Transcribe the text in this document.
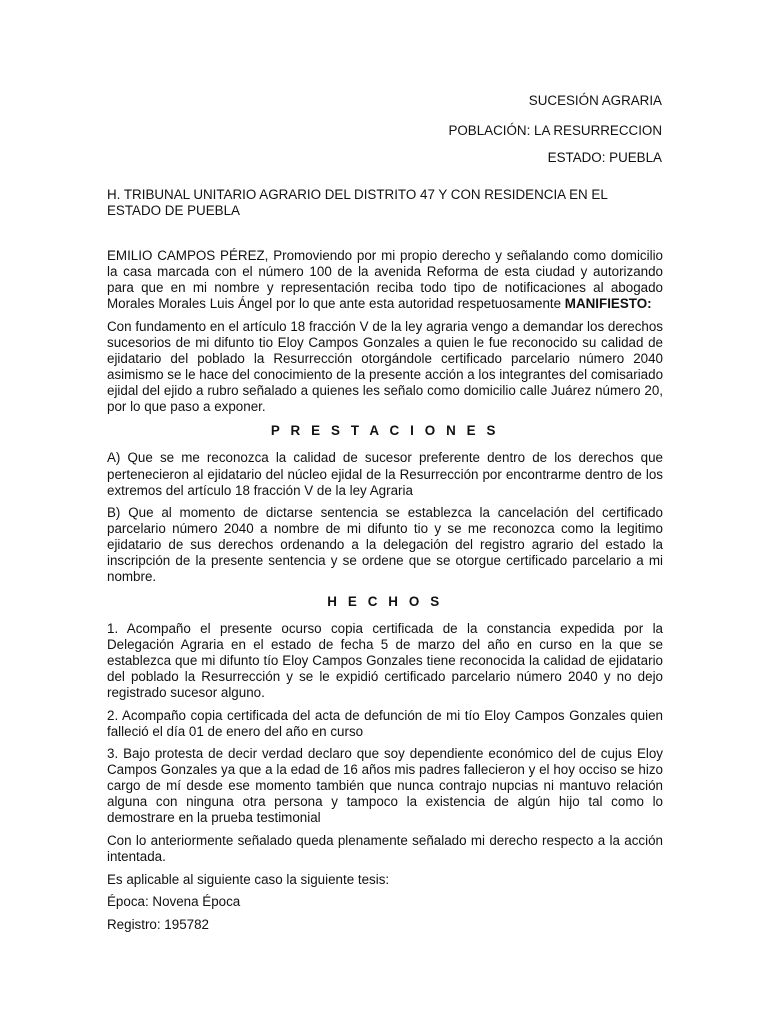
SUCESIÓN AGRARIA
POBLACIÓN: LA RESURRECCION
ESTADO: PUEBLA
H. TRIBUNAL UNITARIO AGRARIO DEL DISTRITO 47 Y CON RESIDENCIA EN EL ESTADO DE PUEBLA

EMILIO CAMPOS PÉREZ, Promoviendo por mi propio derecho y señalando como domicilio la casa marcada con el número 100 de la avenida Reforma de esta ciudad y autorizando para que en mi nombre y representación reciba todo tipo de notificaciones al abogado Morales Morales Luis Ángel por lo que ante esta autoridad respetuosamente MANIFIESTO:

Con fundamento en el artículo 18 fracción V de la ley agraria vengo a demandar los derechos sucesorios de mi difunto tio Eloy Campos Gonzales a quien le fue reconocido su calidad de ejidatario del poblado la Resurrección otorgándole certificado parcelario número 2040 asimismo se le hace del conocimiento de la presente acción a los integrantes del comisariado ejidal del ejido a rubro señalado a quienes les señalo como domicilio calle Juárez número 20, por lo que paso a exponer.

P R E S T A C I O N E S

A) Que se me reconozca la calidad de sucesor preferente dentro de los derechos que pertenecieron al ejidatario del núcleo ejidal de la Resurrección por encontrarme dentro de los extremos del artículo 18 fracción V de la ley Agraria

B) Que al momento de dictarse sentencia se establezca la cancelación del certificado parcelario número 2040 a nombre de mi difunto tio y se me reconozca como la legitimo ejidatario de sus derechos ordenando a la delegación del registro agrario del estado la inscripción de la presente sentencia y se ordene que se otorgue certificado parcelario a mi nombre.

H E C H O S

1. Acompaño el presente ocurso copia certificada de la constancia expedida por la Delegación Agraria en el estado de fecha 5 de marzo del año en curso en la que se establezca que mi difunto tío Eloy Campos Gonzales tiene reconocida la calidad de ejidatario del poblado la Resurrección y se le expidió certificado parcelario número 2040 y no dejo registrado sucesor alguno.

2. Acompaño copia certificada del acta de defunción de mi tío Eloy Campos Gonzales quien falleció el día 01 de enero del año en curso

3. Bajo protesta de decir verdad declaro que soy dependiente económico del de cujus Eloy Campos Gonzales ya que a la edad de 16 años mis padres fallecieron y el hoy occiso se hizo cargo de mí desde ese momento también que nunca contrajo nupcias ni mantuvo relación alguna con ninguna otra persona y tampoco la existencia de algún hijo tal como lo demostrare en la prueba testimonial

Con lo anteriormente señalado queda plenamente señalado mi derecho respecto a la acción intentada.

Es aplicable al siguiente caso la siguiente tesis:

Época: Novena Época

Registro: 195782
